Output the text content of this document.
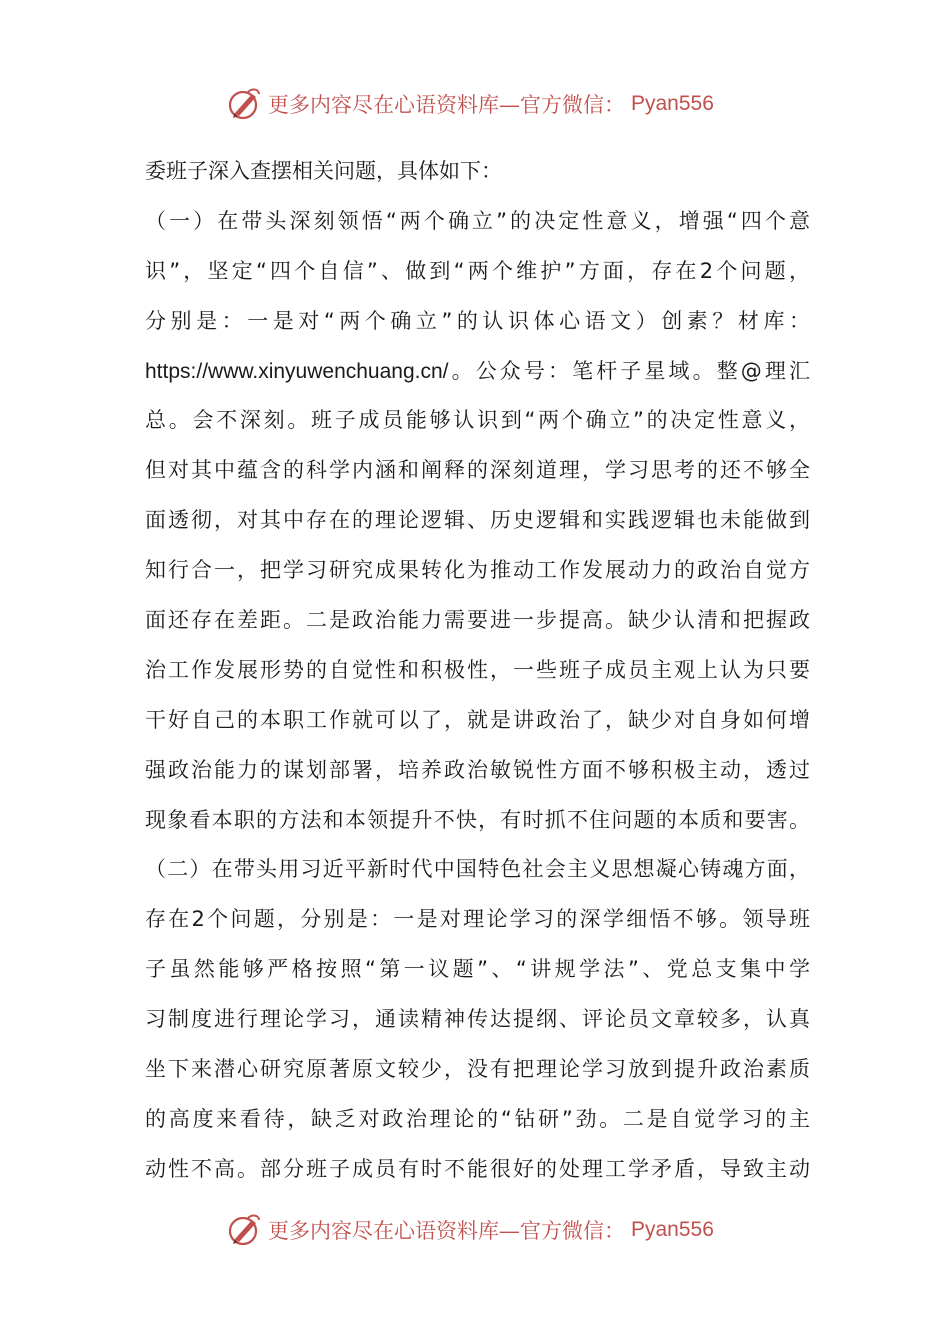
更多内容尽在心语资料库—官方微信： Pyan556
委班子深入查摆相关问题，具体如下：
（一）在带头深刻领悟“两个确立”的决定性意义，增强“四个意
识”，坚定“四个自信”、做到“两个维护”方面，存在2个问题，
分别是：一是对“两个确立”的认识体心语文）创素？材库：
https://www.xinyuwenchuang.cn/。公众号：笔杆子星域。整@理汇
总。会不深刻。班子成员能够认识到“两个确立”的决定性意义，
但对其中蕴含的科学内涵和阐释的深刻道理，学习思考的还不够全
面透彻，对其中存在的理论逻辑、历史逻辑和实践逻辑也未能做到
知行合一，把学习研究成果转化为推动工作发展动力的政治自觉方
面还存在差距。二是政治能力需要进一步提高。缺少认清和把握政
治工作发展形势的自觉性和积极性，一些班子成员主观上认为只要
干好自己的本职工作就可以了，就是讲政治了，缺少对自身如何增
强政治能力的谋划部署，培养政治敏锐性方面不够积极主动，透过
现象看本职的方法和本领提升不快，有时抓不住问题的本质和要害。
（二）在带头用习近平新时代中国特色社会主义思想凝心铸魂方面，
存在2个问题，分别是：一是对理论学习的深学细悟不够。领导班
子虽然能够严格按照“第一议题”、“讲规学法”、党总支集中学
习制度进行理论学习，通读精神传达提纲、评论员文章较多，认真
坐下来潜心研究原著原文较少，没有把理论学习放到提升政治素质
的高度来看待，缺乏对政治理论的“钻研”劲。二是自觉学习的主
动性不高。部分班子成员有时不能很好的处理工学矛盾，导致主动
更多内容尽在心语资料库—官方微信： Pyan556
